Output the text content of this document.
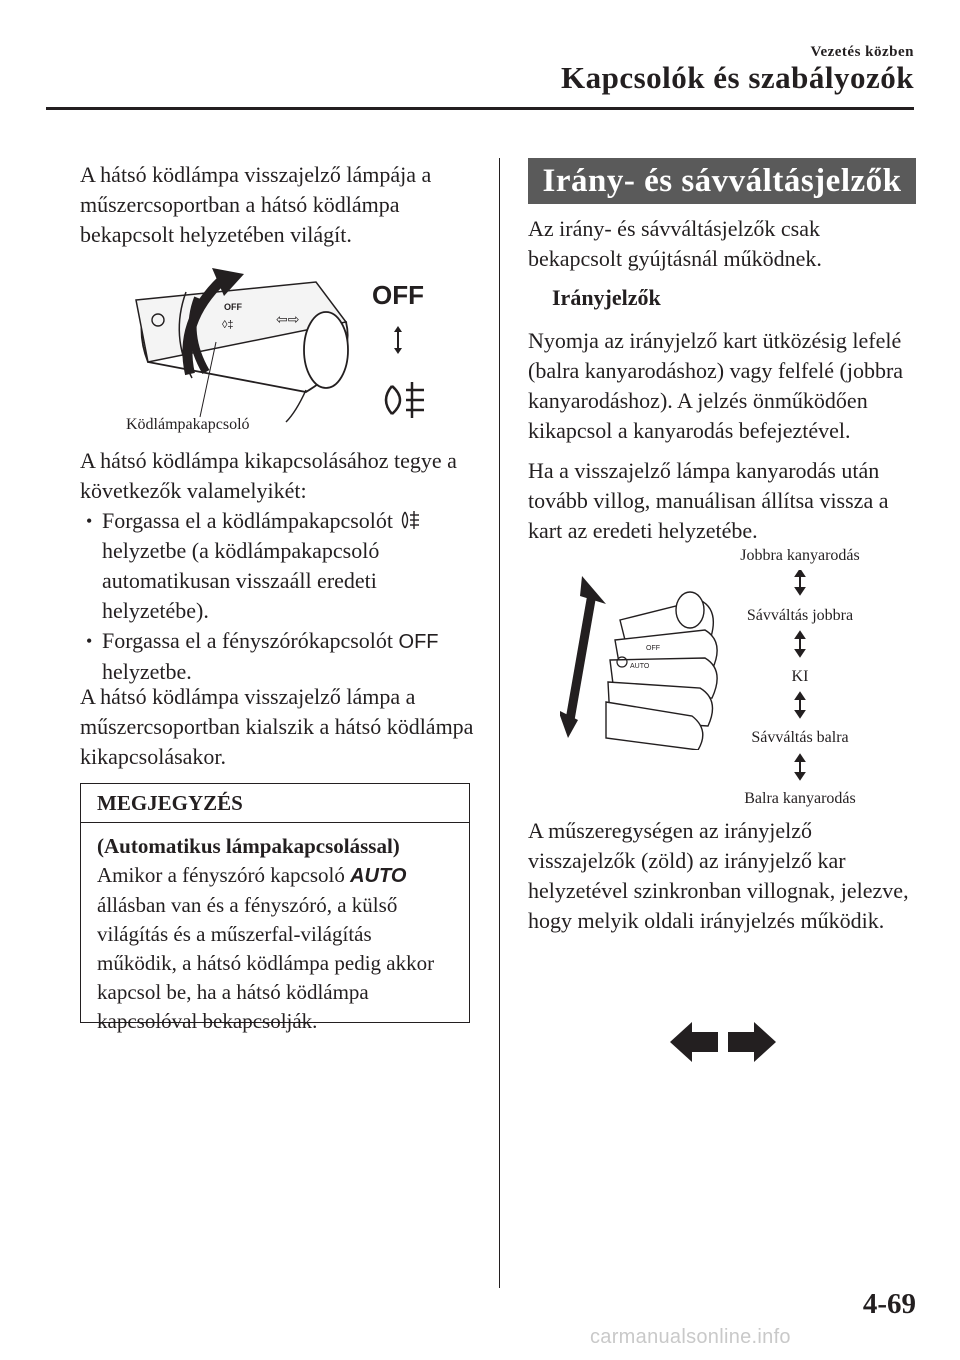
Vezetés közben
Kapcsolók és szabályozók

A hátsó ködlámpa visszajelző lámpája a műszercsoportban a hátsó ködlámpa bekapcsolt helyzetében világít.

OFF
◊‡	⇦⇨
OFF
Ködlámpakapcsoló

A hátsó ködlámpa kikapcsolásához tegye a következők valamelyikét:

• Forgassa el a ködlámpakapcsolót  helyzetbe (a ködlámpakapcsoló automatikusan visszaáll eredeti helyzetébe).
• Forgassa el a fényszórókapcsolót OFF helyzetbe.

A hátsó ködlámpa visszajelző lámpa a műszercsoportban kialszik a hátsó ködlámpa kikapcsolásakor.

MEGJEGYZÉS
(Automatikus lámpakapcsolással)
Amikor a fényszóró kapcsoló AUTO állásban van és a fényszóró, a külső világítás és a műszerfal-világítás működik, a hátsó ködlámpa pedig akkor kapcsol be, ha a hátsó ködlámpa kapcsolóval bekapcsolják.
Irány- és sávváltásjelzők

Az irány- és sávváltásjelzők csak bekapcsolt gyújtásnál működnek.

Irányjelzők

Nyomja az irányjelző kart ütközésig lefelé (balra kanyarodáshoz) vagy felfelé (jobbra kanyarodáshoz). A jelzés önműködően kikapcsol a kanyarodás befejeztével.

Ha a visszajelző lámpa kanyarodás után tovább villog, manuálisan állítsa vissza a kart az eredeti helyzetébe.

OFF
AUTO
Jobbra kanyarodás
Sávváltás jobbra
KI
Sávváltás balra
Balra kanyarodás

A műszeregységen az irányjelző visszajelzők (zöld) az irányjelző kar helyzetével szinkronban villognak, jelezve, hogy melyik oldali irányjelzés működik.

4-69
carmanualsonline.info
